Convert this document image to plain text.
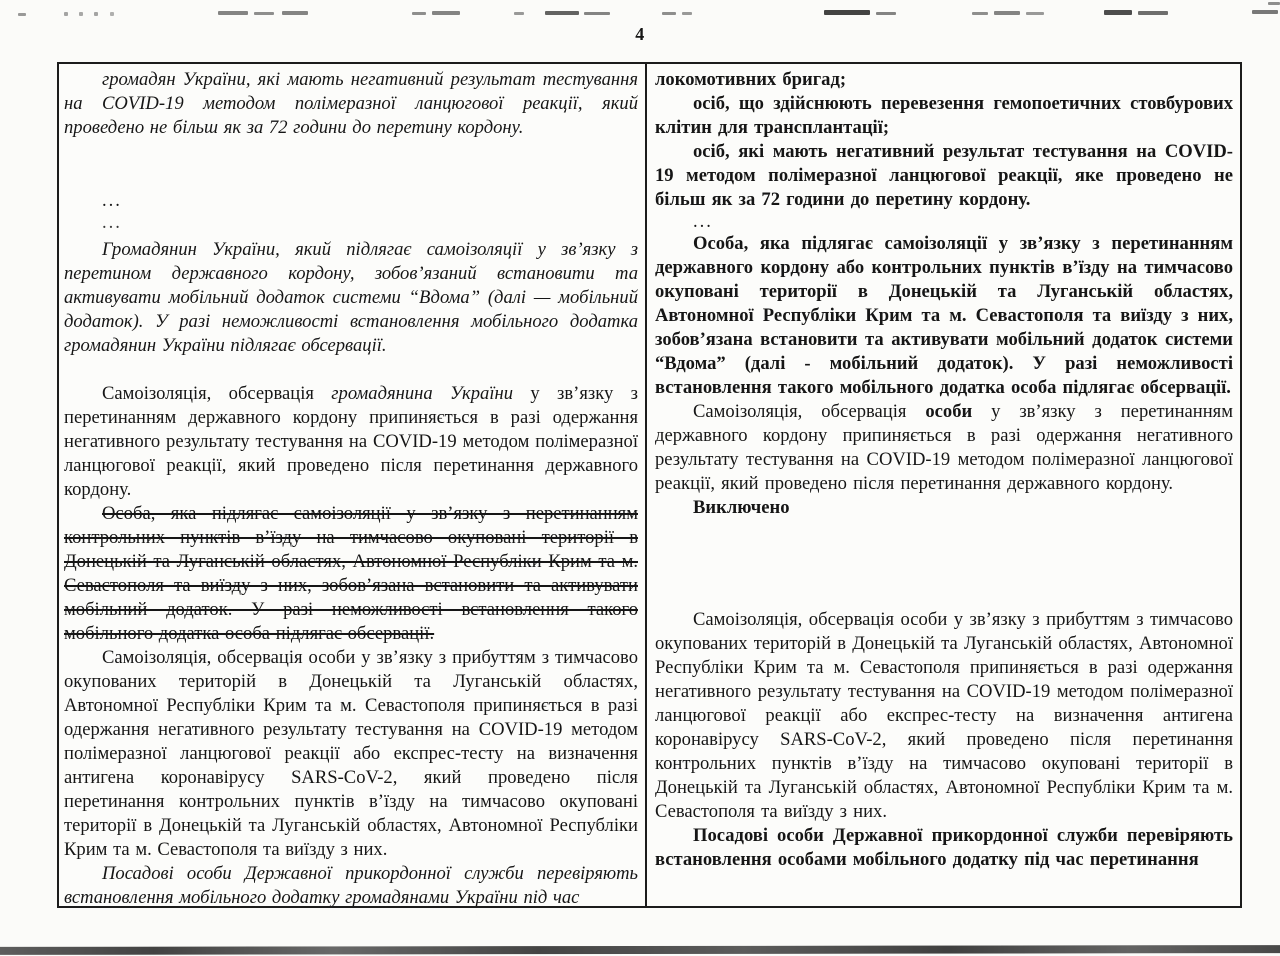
4

громадян України, які мають негативний результат тестування на COVID-19 методом полімеразної ланцюгової реакції, який проведено не більш як за 72 години до перетину кордону.

...

...

Громадянин України, який підлягає самоізоляції у зв’язку з перетином державного кордону, зобов’язаний встановити та активувати мобільний додаток системи “Вдома” (далі — мобільний додаток). У разі неможливості встановлення мобільного додатка громадянин України підлягає обсервації.

Самоізоляція, обсервація громадянина України у зв’язку з перетинанням державного кордону припиняється в разі одержання негативного результату тестування на COVID-19 методом полімеразної ланцюгової реакції, який проведено після перетинання державного кордону.

Особа, яка підлягає самоізоляції у зв’язку з перетинанням контрольних пунктів в’їзду на тимчасово окуповані території в Донецькій та Луганській областях, Автономної Республіки Крим та м. Севастополя та виїзду з них, зобов’язана встановити та активувати мобільний додаток. У разі неможливості встановлення такого мобільного додатка особа підлягає обсервації.

Самоізоляція, обсервація особи у зв’язку з прибуттям з тимчасово окупованих територій в Донецькій та Луганській областях, Автономної Республіки Крим та м. Севастополя припиняється в разі одержання негативного результату тестування на COVID-19 методом полімеразної ланцюгової реакції або експрес-тесту на визначення антигена коронавірусу SARS-CoV-2, який проведено після перетинання контрольних пунктів в’їзду на тимчасово окуповані території в Донецькій та Луганській областях, Автономної Республіки Крим та м. Севастополя та виїзду з них.

Посадові особи Державної прикордонної служби перевіряють встановлення мобільного додатку громадянами України під час

локомотивних бригад;

осіб, що здійснюють перевезення гемопоетичних стовбурових клітин для трансплантації;

осіб, які мають негативний результат тестування на COVID-19 методом полімеразної ланцюгової реакції, яке проведено не більш як за 72 години до перетину кордону.

...

Особа, яка підлягає самоізоляції у зв’язку з перетинанням державного кордону або контрольних пунктів в’їзду на тимчасово окуповані території в Донецькій та Луганській областях, Автономної Республіки Крим та м. Севастополя та виїзду з них, зобов’язана встановити та активувати мобільний додаток системи “Вдома” (далі - мобільний додаток). У разі неможливості встановлення такого мобільного додатка особа підлягає обсервації.

Самоізоляція, обсервація особи у зв’язку з перетинанням державного кордону припиняється в разі одержання негативного результату тестування на COVID-19 методом полімеразної ланцюгової реакції, який проведено після перетинання державного кордону.

Виключено

Самоізоляція, обсервація особи у зв’язку з прибуттям з тимчасово окупованих територій в Донецькій та Луганській областях, Автономної Республіки Крим та м. Севастополя припиняється в разі одержання негативного результату тестування на COVID-19 методом полімеразної ланцюгової реакції або експрес-тесту на визначення антигена коронавірусу SARS-CoV-2, який проведено після перетинання контрольних пунктів в’їзду на тимчасово окуповані території в Донецькій та Луганській областях, Автономної Республіки Крим та м. Севастополя та виїзду з них.

Посадові особи Державної прикордонної служби перевіряють встановлення особами мобільного додатку під час перетинання
